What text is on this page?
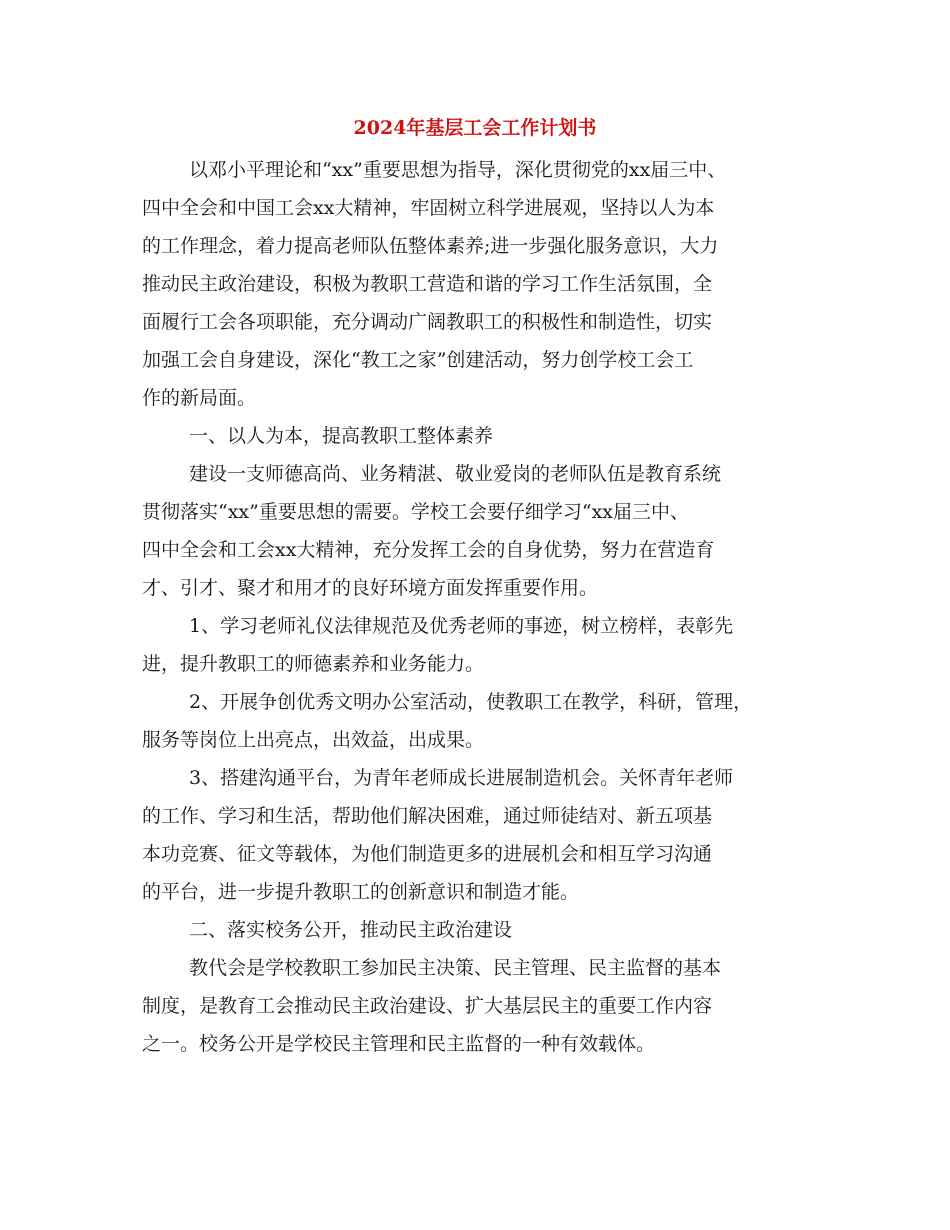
2024年基层工会工作计划书
以邓小平理论和“xx”重要思想为指导，深化贯彻党的xx届三中、
四中全会和中国工会xx大精神，牢固树立科学进展观，坚持以人为本
的工作理念，着力提高老师队伍整体素养;进一步强化服务意识，大力
推动民主政治建设，积极为教职工营造和谐的学习工作生活氛围，全
面履行工会各项职能，充分调动广阔教职工的积极性和制造性，切实
加强工会自身建设，深化“教工之家”创建活动，努力创学校工会工
作的新局面。
一、以人为本，提高教职工整体素养
建设一支师德高尚、业务精湛、敬业爱岗的老师队伍是教育系统
贯彻落实“xx”重要思想的需要。学校工会要仔细学习“xx届三中、
四中全会和工会xx大精神，充分发挥工会的自身优势，努力在营造育
才、引才、聚才和用才的良好环境方面发挥重要作用。
1、学习老师礼仪法律规范及优秀老师的事迹，树立榜样，表彰先
进，提升教职工的师德素养和业务能力。
2、开展争创优秀文明办公室活动，使教职工在教学，科研，管理，
服务等岗位上出亮点，出效益，出成果。
3、搭建沟通平台，为青年老师成长进展制造机会。关怀青年老师
的工作、学习和生活，帮助他们解决困难，通过师徒结对、新五项基
本功竞赛、征文等载体，为他们制造更多的进展机会和相互学习沟通
的平台，进一步提升教职工的创新意识和制造才能。
二、落实校务公开，推动民主政治建设
教代会是学校教职工参加民主决策、民主管理、民主监督的基本
制度，是教育工会推动民主政治建设、扩大基层民主的重要工作内容
之一。校务公开是学校民主管理和民主监督的一种有效载体。
